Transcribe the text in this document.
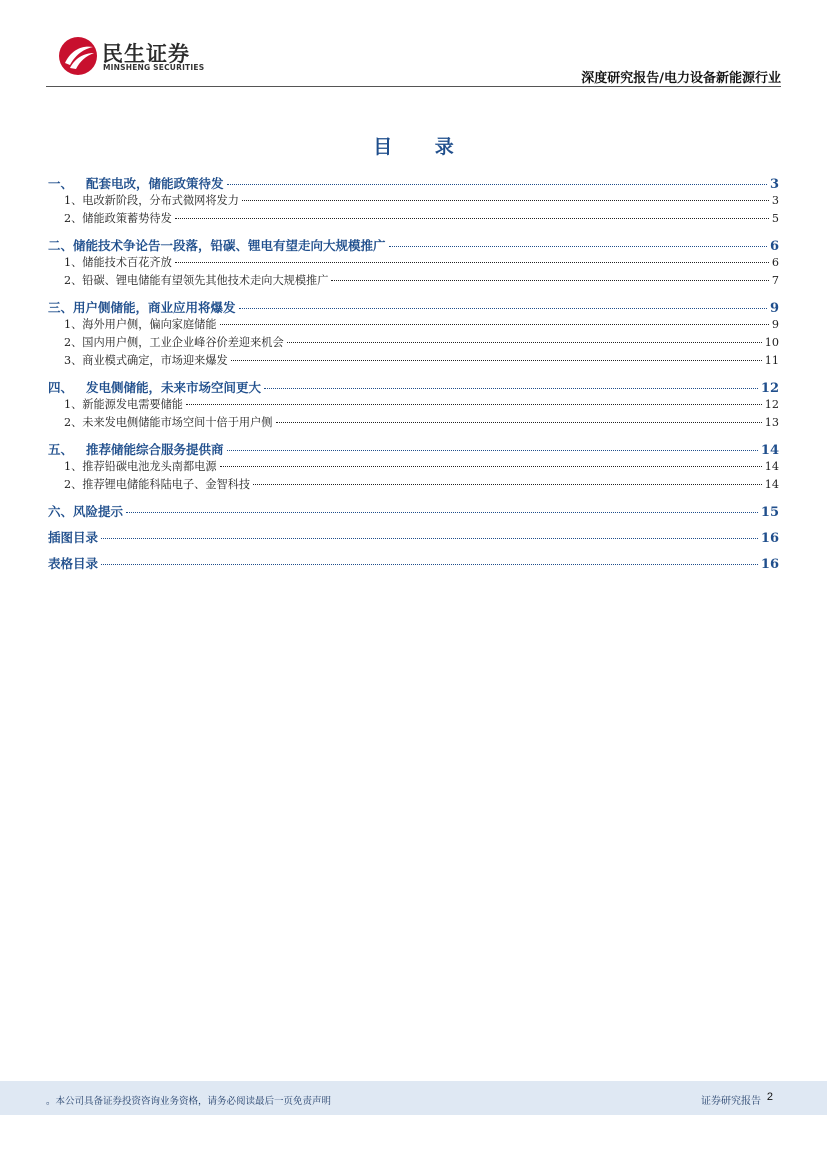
民生证券
MINSHENG SECURITIES
深度研究报告/电力设备新能源行业
目 录
一、	配套电改，储能政策待发	3
1、电改新阶段，分布式微网将发力	3
2、储能政策蓄势待发	5
二、储能技术争论告一段落，铅碳、锂电有望走向大规模推广	6
1、储能技术百花齐放	6
2、铅碳、锂电储能有望领先其他技术走向大规模推广	7
三、用户侧储能，商业应用将爆发	9
1、海外用户侧，偏向家庭储能	9
2、国内用户侧，工业企业峰谷价差迎来机会	10
3、商业模式确定，市场迎来爆发	11
四、	发电侧储能，未来市场空间更大	12
1、新能源发电需要储能	12
2、未来发电侧储能市场空间十倍于用户侧	13
五、	推荐储能综合服务提供商	14
1、推荐铅碳电池龙头南都电源	14
2、推荐锂电储能科陆电子、金智科技	14
六、风险提示	15
插图目录	16
表格目录	16
。本公司具备证券投资咨询业务资格，请务必阅读最后一页免责声明	证券研究报告 2
